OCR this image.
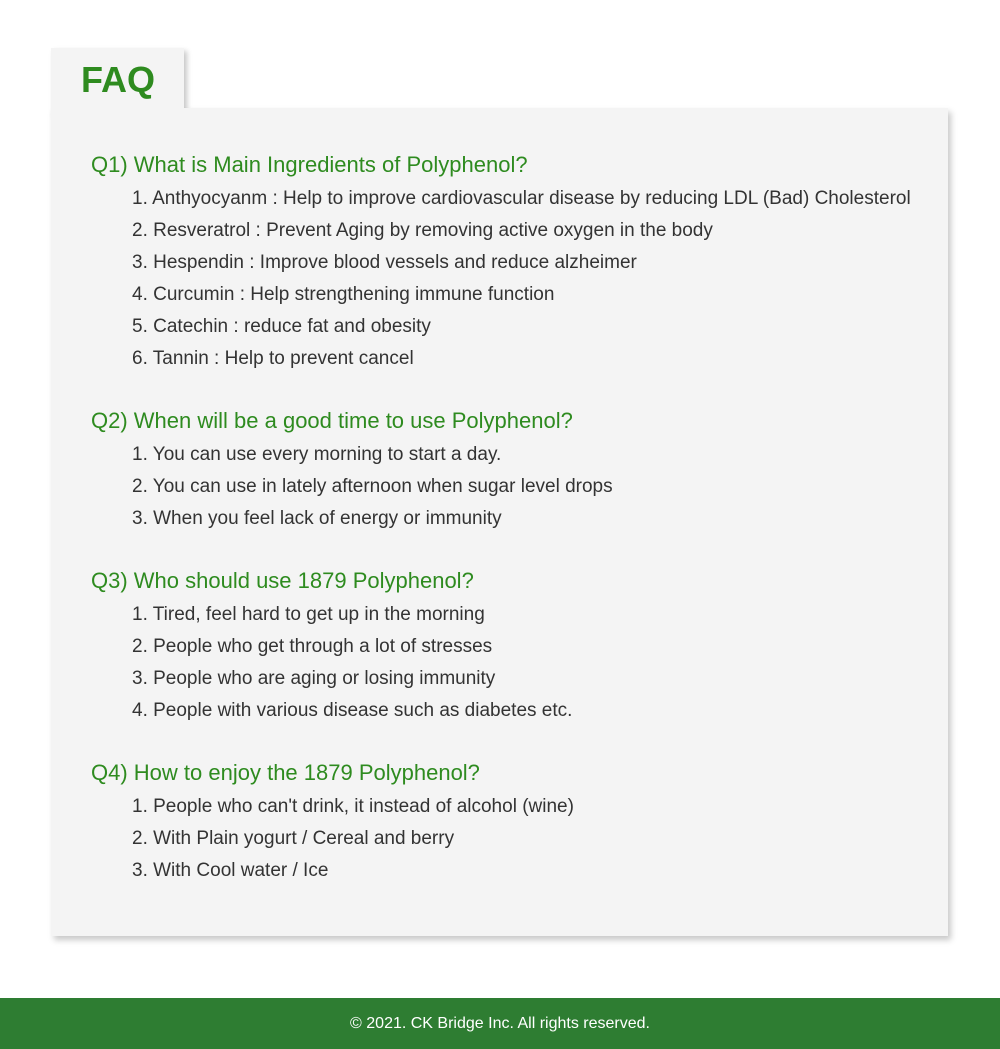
FAQ
Q1) What is Main Ingredients of Polyphenol?
1. Anthyocyanm : Help to improve cardiovascular disease by reducing LDL (Bad) Cholesterol
2. Resveratrol : Prevent Aging by removing active oxygen in the body
3. Hespendin : Improve blood vessels and reduce alzheimer
4. Curcumin : Help strengthening immune function
5. Catechin : reduce fat and obesity
6. Tannin : Help to prevent cancel
Q2) When will be a good time to use Polyphenol?
1. You can use every morning to start a day.
2. You can use in lately afternoon when sugar level drops
3. When you feel lack of energy or immunity
Q3) Who should use 1879 Polyphenol?
1. Tired, feel hard to get up in the morning
2. People who get through a lot of stresses
3. People who are aging or losing immunity
4. People with various disease such as diabetes etc.
Q4) How to enjoy the 1879 Polyphenol?
1. People who can't drink, it instead of alcohol (wine)
2. With Plain yogurt / Cereal and berry
3. With Cool water / Ice
© 2021. CK Bridge Inc. All rights reserved.
